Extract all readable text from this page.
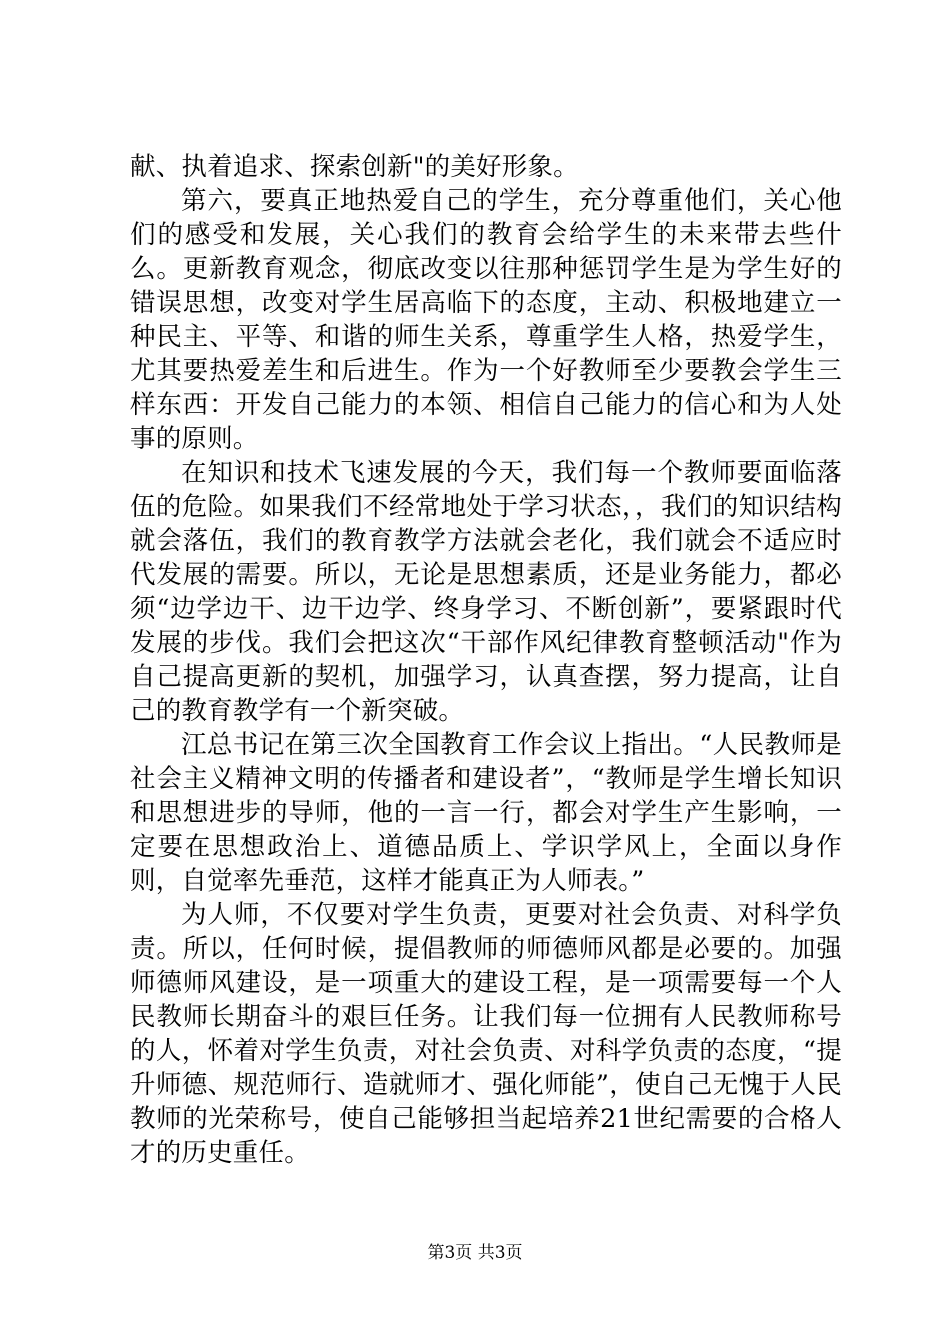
献、执着追求、探索创新"的美好形象。

第六，要真正地热爱自己的学生，充分尊重他们，关心他们的感受和发展，关心我们的教育会给学生的未来带去些什么。更新教育观念，彻底改变以往那种惩罚学生是为学生好的错误思想，改变对学生居高临下的态度，主动、积极地建立一种民主、平等、和谐的师生关系，尊重学生人格，热爱学生，尤其要热爱差生和后进生。作为一个好教师至少要教会学生三样东西：开发自己能力的本领、相信自己能力的信心和为人处事的原则。

在知识和技术飞速发展的今天，我们每一个教师要面临落伍的危险。如果我们不经常地处于学习状态，，我们的知识结构就会落伍，我们的教育教学方法就会老化，我们就会不适应时代发展的需要。所以，无论是思想素质，还是业务能力，都必须“边学边干、边干边学、终身学习、不断创新”，要紧跟时代发展的步伐。我们会把这次“干部作风纪律教育整顿活动"作为自己提高更新的契机，加强学习，认真查摆，努力提高，让自己的教育教学有一个新突破。

江总书记在第三次全国教育工作会议上指出。“人民教师是社会主义精神文明的传播者和建设者”，“教师是学生增长知识和思想进步的导师，他的一言一行，都会对学生产生影响，一定要在思想政治上、道德品质上、学识学风上，全面以身作则，自觉率先垂范，这样才能真正为人师表。”

为人师，不仅要对学生负责，更要对社会负责、对科学负责。所以，任何时候，提倡教师的师德师风都是必要的。加强师德师风建设，是一项重大的建设工程，是一项需要每一个人民教师长期奋斗的艰巨任务。让我们每一位拥有人民教师称号的人，怀着对学生负责，对社会负责、对科学负责的态度，“提升师德、规范师行、造就师才、强化师能”，使自己无愧于人民教师的光荣称号，使自己能够担当起培养21世纪需要的合格人才的历史重任。

第3页 共3页
